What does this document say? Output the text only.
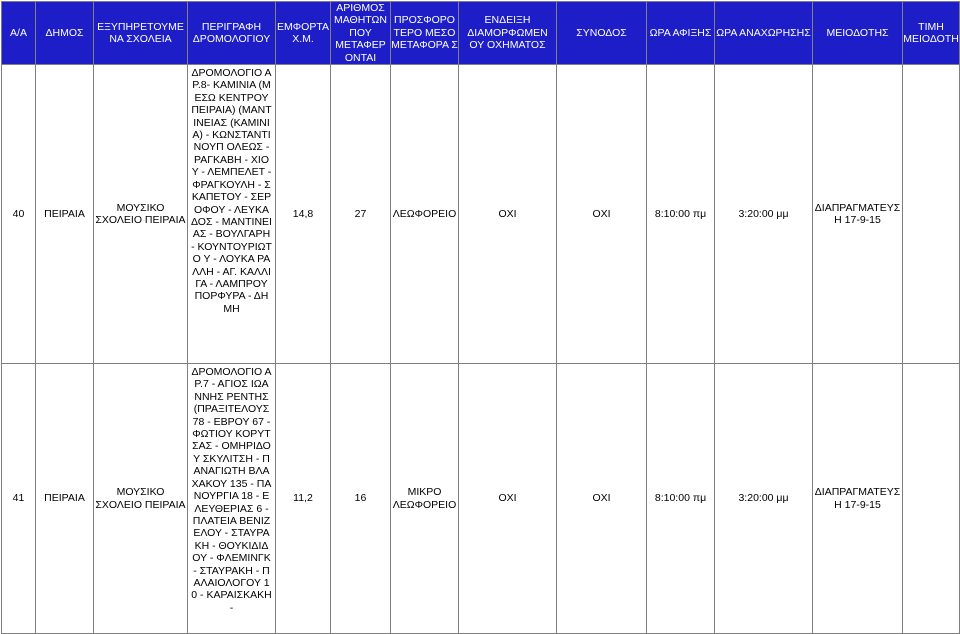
Α/Α	ΔΗΜΟΣ	ΕΞΥΠΗΡΕΤΟΥΜΕ ΝΑ ΣΧΟΛΕΙΑ	ΠΕΡΙΓΡΑΦΗ ΔΡΟΜΟΛΟΓΙΟΥ	ΕΜΦΟΡΤΑ Χ.Μ.	ΑΡΙΘΜΟΣ ΜΑΘΗΤΩΝ ΠΟΥ ΜΕΤΑΦΕΡ ΟΝΤΑΙ	ΠΡΟΣΦΟΡΟ ΤΕΡΟ ΜΕΣΟ ΜΕΤΑΦΟΡΑ Σ	ΕΝΔΕΙΞΗ ΔΙΑΜΟΡΦΩΜΕΝ ΟΥ ΟΧΗΜΑΤΟΣ	ΣΥΝΟΔΟΣ	ΩΡΑ ΑΦΙΞΗΣ	ΩΡΑ ΑΝΑΧΩΡΗΣΗΣ	ΜΕΙΟΔΟΤΗΣ	ΤΙΜΗ ΜΕΙΟΔΟΤΗ
40	ΠΕΙΡΑΙΑ	ΜΟΥΣΙΚΟ ΣΧΟΛΕΙΟ ΠΕΙΡΑΙΑ	ΔΡΟΜΟΛΟΓΙΟ ΑΡ.8- ΚΑΜΙΝΙΑ (ΜΕΣΩ ΚΕΝΤΡΟΥ ΠΕΙΡΑΙΑ) (ΜΑΝΤΙΝΕΙΑΣ (ΚΑΜΙΝΙΑ) - ΚΩΝΣΤΑΝΤΙΝΟΥΠ ΟΛΕΩΣ - ΡΑΓΚΑΒΗ - ΧΙΟΥ - ΛΕΜΠΕΛΕΤ - ΦΡΑΓΚΟΥΛΗ - ΣΚΑΠΕΤΟΥ - ΣΕΡΟΦΟΥ - ΛΕΥΚΑΔΟΣ - ΜΑΝΤΙΝΕΙΑΣ - ΒΟΥΛΓΑΡΗ - ΚΟΥΝΤΟΥΡΙΩΤΟ Υ - ΛΟΥΚΑ ΡΑΛΛΗ - ΑΓ. ΚΑΛΛΙΓΑ - ΛΑΜΠΡΟΥ ΠΟΡΦΥΡΑ - ΔΗΜΗ	14,8	27	ΛΕΩΦΟΡΕΙΟ	ΟΧΙ	ΟΧΙ	8:10:00 πμ	3:20:00 μμ	ΔΙΑΠΡΑΓΜΑΤΕΥΣ Η 17-9-15	
41	ΠΕΙΡΑΙΑ	ΜΟΥΣΙΚΟ ΣΧΟΛΕΙΟ ΠΕΙΡΑΙΑ	ΔΡΟΜΟΛΟΓΙΟ ΑΡ.7 - ΑΓΙΟΣ ΙΩΑΝΝΗΣ ΡΕΝΤΗΣ (ΠΡΑΞΙΤΕΛΟΥΣ 78 - ΕΒΡΟΥ 67 - ΦΩΤΙΟΥ ΚΟΡΥΤΣΑΣ - ΟΜΗΡΙΔΟΥ ΣΚΥΛΙΤΣΗ - ΠΑΝΑΓΙΩΤΗ ΒΛΑΧΑΚΟΥ 135 - ΠΑΝΟΥΡΓΙΑ 18 - ΕΛΕΥΘΕΡΙΑΣ 6 - ΠΛΑΤΕΙΑ ΒΕΝΙΖΕΛΟΥ - ΣΤΑΥΡΑΚΗ - ΘΟΥΚΙΔΙΔΟΥ - ΦΛΕΜΙΝΓΚ - ΣΤΑΥΡΑΚΗ - ΠΑΛΑΙΟΛΟΓΟΥ 10 - ΚΑΡΑΙΣΚΑΚΗ -	11,2	16	ΜΙΚΡΟ ΛΕΩΦΟΡΕΙΟ	ΟΧΙ	ΟΧΙ	8:10:00 πμ	3:20:00 μμ	ΔΙΑΠΡΑΓΜΑΤΕΥΣ Η 17-9-15	
